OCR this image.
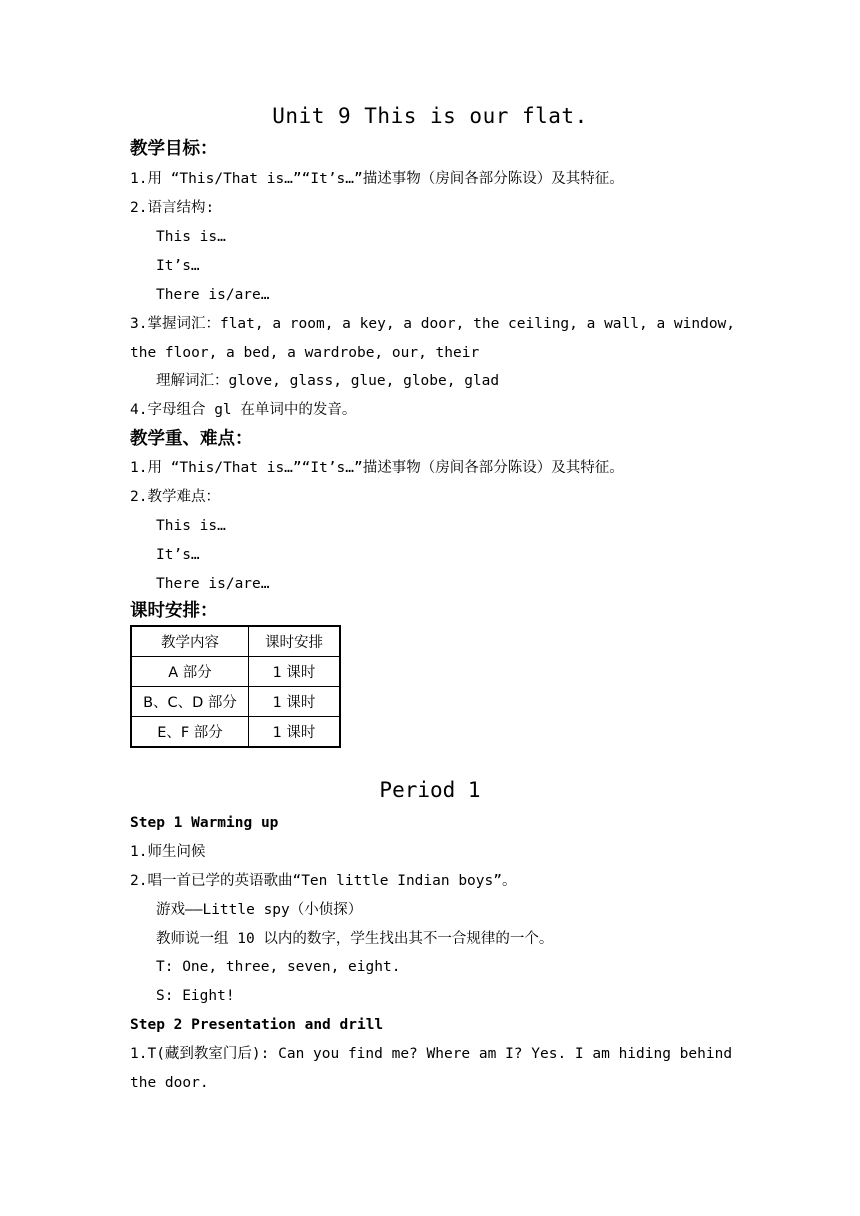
Unit 9 This is our flat.
教学目标：
1.用 “This/That is…”“It’s…”描述事物（房间各部分陈设）及其特征。
2.语言结构:
This is…
It’s…
There is/are…
3.掌握词汇：flat, a room, a key, a door, the ceiling, a wall, a window,
the floor, a bed, a wardrobe, our, their
理解词汇：glove, glass, glue, globe, glad
4.字母组合 gl 在单词中的发音。
教学重、难点：
1.用 “This/That is…”“It’s…”描述事物（房间各部分陈设）及其特征。
2.教学难点：
This is…
It’s…
There is/are…
课时安排：
教学内容	课时安排
A 部分	1 课时
B、C、D 部分	1 课时
E、F 部分	1 课时
Period 1
Step 1 Warming up
1.师生问候
2.唱一首已学的英语歌曲“Ten little Indian boys”。
游戏——Little spy（小侦探）
教师说一组 10 以内的数字，学生找出其不一合规律的一个。
T: One, three, seven, eight.
S: Eight!
Step 2 Presentation and drill
1.T(藏到教室门后): Can you find me? Where am I? Yes. I am hiding behind
the door.
